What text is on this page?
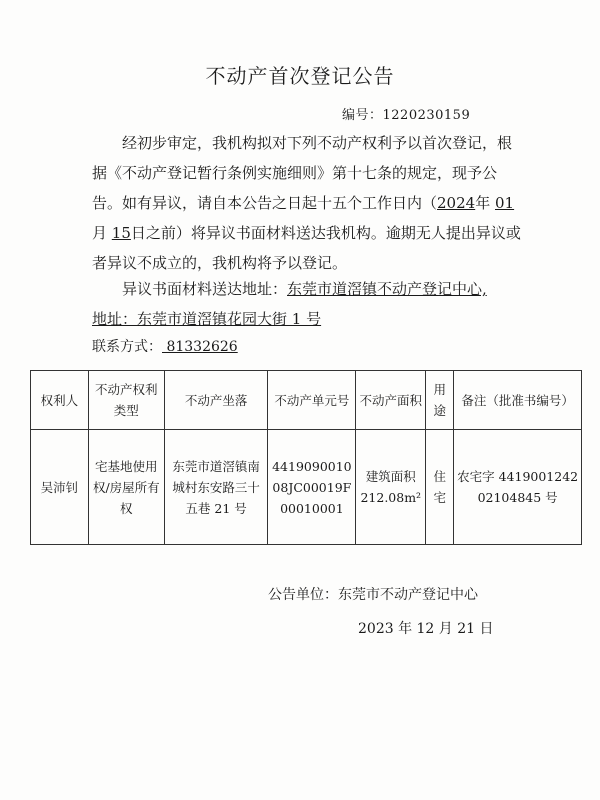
不动产首次登记公告
编号：1220230159
经初步审定，我机构拟对下列不动产权利予以首次登记，根据《不动产登记暂行条例实施细则》第十七条的规定，现予公告。如有异议，请自本公告之日起十五个工作日内（2024年 01 月 15日之前）将异议书面材料送达我机构。逾期无人提出异议或者异议不成立的，我机构将予以登记。
异议书面材料送达地址：东莞市道滘镇不动产登记中心,
地址：东莞市道滘镇花园大街 1 号
联系方式： 81332626
权利人	不动产权利类型	不动产坐落	不动产单元号	不动产面积	用途	备注（批准书编号）
吴沛钊	宅基地使用权/房屋所有权	东莞市道滘镇南城村东安路三十五巷 21 号	441909001008JC00019F00010001	建筑面积 212.08m²	住宅	农宅字 441900124202104845 号
公告单位：东莞市不动产登记中心
2023 年 12 月 21 日
